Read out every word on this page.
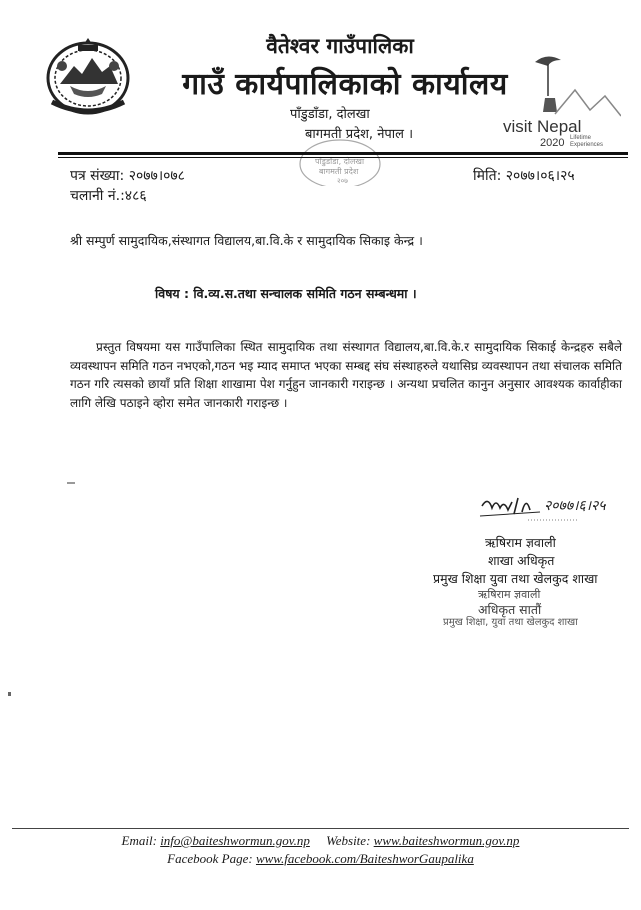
वैतेश्वर गाउँपालिका
गाउँ कार्यपालिकाको कार्यालय
पाँडुडाँडा, दोलखा
बागमती प्रदेश, नेपाल ।
पाँडुडाँडा, दोलखा
बागमती प्रदेश
२०७
visit Nepal
2020 Lifetime
Experiences
पत्र संख्या: २०७७।०७८
चलानी नं.:४८६
मिति: २०७७।०६।२५
श्री सम्पुर्ण सामुदायिक,संस्थागत विद्यालय,बा.वि.के र सामुदायिक सिकाइ केन्द्र ।
विषय : वि.व्य.स.तथा सन्चालक समिति गठन सम्बन्धमा ।
प्रस्तुत विषयमा यस गाउँपालिका स्थित सामुदायिक तथा संस्थागत विद्यालय,बा.वि.के.र सामुदायिक सिकाई केन्द्रहरु सबैले व्यवस्थापन समिति गठन नभएको,गठन भइ म्याद समाप्त भएका सम्बद्द संघ संस्थाहरुले यथासिघ्र व्यवस्थापन तथा संचालक समिति गठन गरि त्यसको छायाँ प्रति शिक्षा शाखामा पेश गर्नुहुन जानकारी गराइन्छ । अन्यथा प्रचलित कानुन अनुसार आवश्यक कार्वाहीका लागि लेखि पठाइने व्होरा समेत जानकारी गराइन्छ ।
२०७७।६।२५
ऋषिराम ज्ञवाली
शाखा अधिकृत
प्रमुख शिक्षा युवा तथा खेलकुद शाखा
ऋषिराम ज्ञवाली
अधिकृत सातौं
प्रमुख शिक्षा, युवा तथा खेलकुद शाखा
Email: info@baiteshwormun.gov.np Website: www.baiteshwormun.gov.np
Facebook Page: www.facebook.com/BaiteshworGaupalika
